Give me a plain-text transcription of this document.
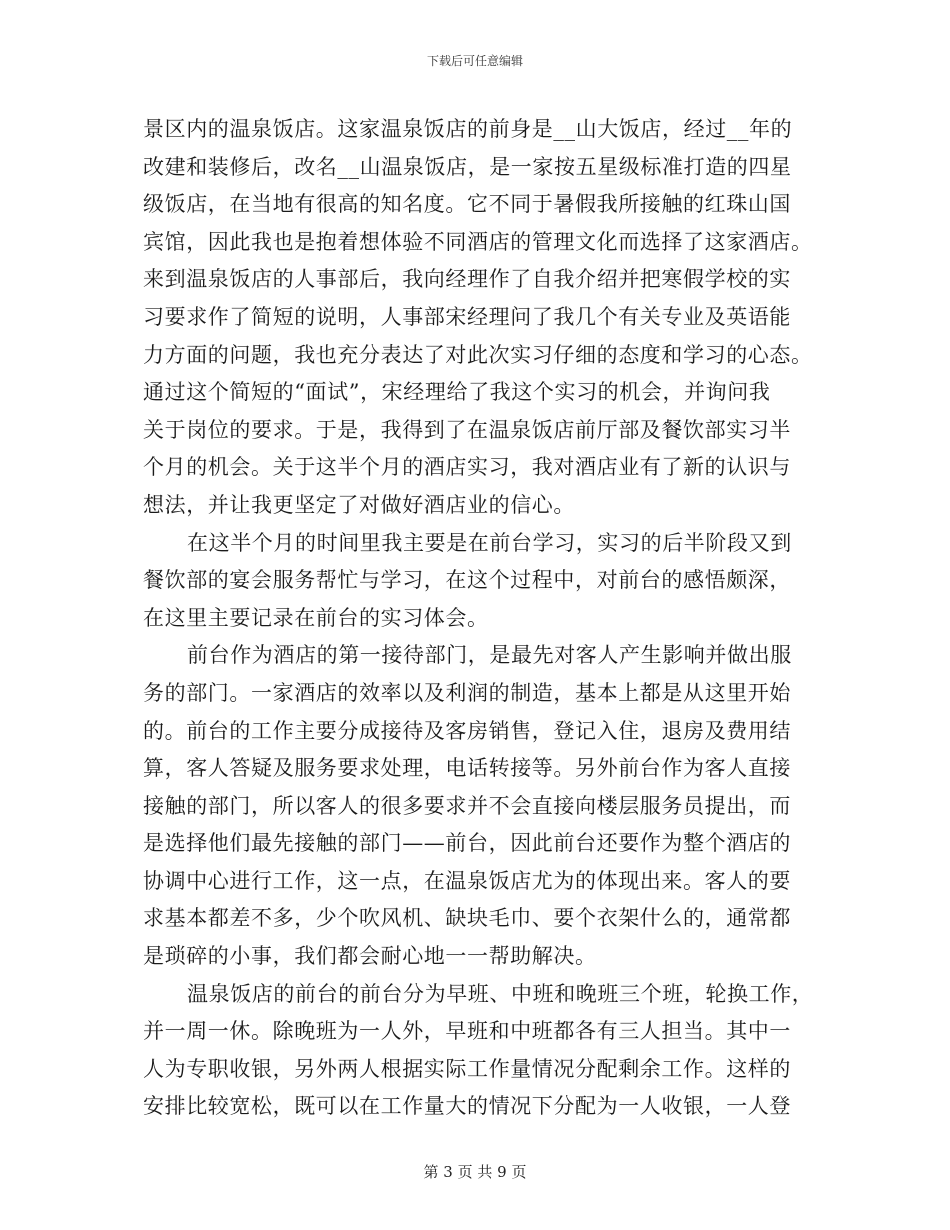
下载后可任意编辑
景区内的温泉饭店。这家温泉饭店的前身是__山大饭店，经过__年的
改建和装修后，改名__山温泉饭店，是一家按五星级标准打造的四星
级饭店，在当地有很高的知名度。它不同于暑假我所接触的红珠山国
宾馆，因此我也是抱着想体验不同酒店的管理文化而选择了这家酒店。
来到温泉饭店的人事部后，我向经理作了自我介绍并把寒假学校的实
习要求作了简短的说明，人事部宋经理问了我几个有关专业及英语能
力方面的问题，我也充分表达了对此次实习仔细的态度和学习的心态。
通过这个简短的“面试”，宋经理给了我这个实习的机会，并询问我
关于岗位的要求。于是，我得到了在温泉饭店前厅部及餐饮部实习半
个月的机会。关于这半个月的酒店实习，我对酒店业有了新的认识与
想法，并让我更坚定了对做好酒店业的信心。
在这半个月的时间里我主要是在前台学习，实习的后半阶段又到
餐饮部的宴会服务帮忙与学习，在这个过程中，对前台的感悟颇深，
在这里主要记录在前台的实习体会。
前台作为酒店的第一接待部门，是最先对客人产生影响并做出服
务的部门。一家酒店的效率以及利润的制造，基本上都是从这里开始
的。前台的工作主要分成接待及客房销售，登记入住，退房及费用结
算，客人答疑及服务要求处理，电话转接等。另外前台作为客人直接
接触的部门，所以客人的很多要求并不会直接向楼层服务员提出，而
是选择他们最先接触的部门——前台，因此前台还要作为整个酒店的
协调中心进行工作，这一点，在温泉饭店尤为的体现出来。客人的要
求基本都差不多，少个吹风机、缺块毛巾、要个衣架什么的，通常都
是琐碎的小事，我们都会耐心地一一帮助解决。
温泉饭店的前台的前台分为早班、中班和晚班三个班，轮换工作，
并一周一休。除晚班为一人外，早班和中班都各有三人担当。其中一
人为专职收银，另外两人根据实际工作量情况分配剩余工作。这样的
安排比较宽松，既可以在工作量大的情况下分配为一人收银，一人登
第 3 页 共 9 页
